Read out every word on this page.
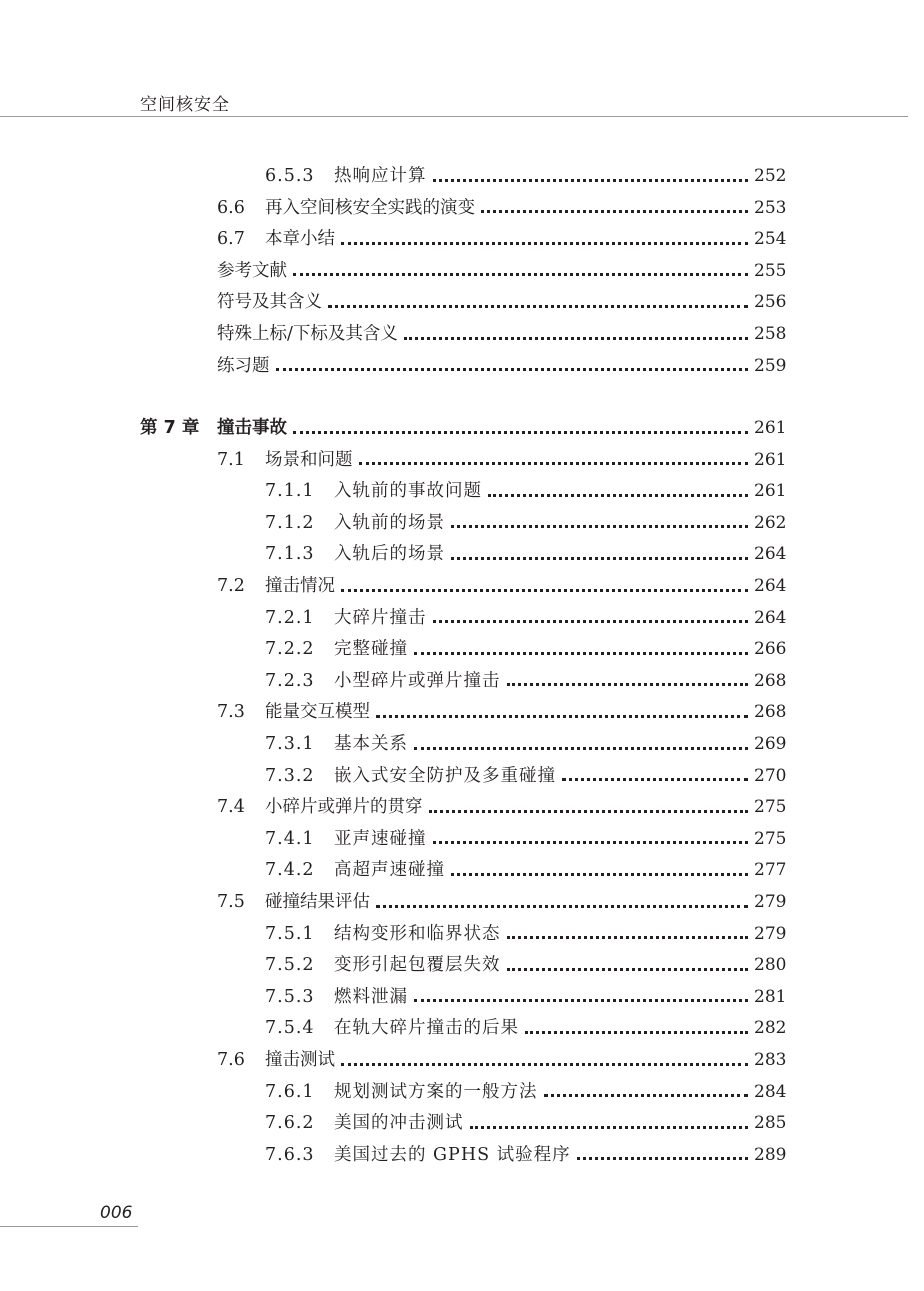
空间核安全
6.5.3	热响应计算	252
6.6	再入空间核安全实践的演变	253
6.7	本章小结	254
参考文献	255
符号及其含义	256
特殊上标/下标及其含义	258
练习题	259
第 7 章	撞击事故	261
7.1	场景和问题	261
7.1.1	入轨前的事故问题	261
7.1.2	入轨前的场景	262
7.1.3	入轨后的场景	264
7.2	撞击情况	264
7.2.1	大碎片撞击	264
7.2.2	完整碰撞	266
7.2.3	小型碎片或弹片撞击	268
7.3	能量交互模型	268
7.3.1	基本关系	269
7.3.2	嵌入式安全防护及多重碰撞	270
7.4	小碎片或弹片的贯穿	275
7.4.1	亚声速碰撞	275
7.4.2	高超声速碰撞	277
7.5	碰撞结果评估	279
7.5.1	结构变形和临界状态	279
7.5.2	变形引起包覆层失效	280
7.5.3	燃料泄漏	281
7.5.4	在轨大碎片撞击的后果	282
7.6	撞击测试	283
7.6.1	规划测试方案的一般方法	284
7.6.2	美国的冲击测试	285
7.6.3	美国过去的 GPHS 试验程序	289
006
